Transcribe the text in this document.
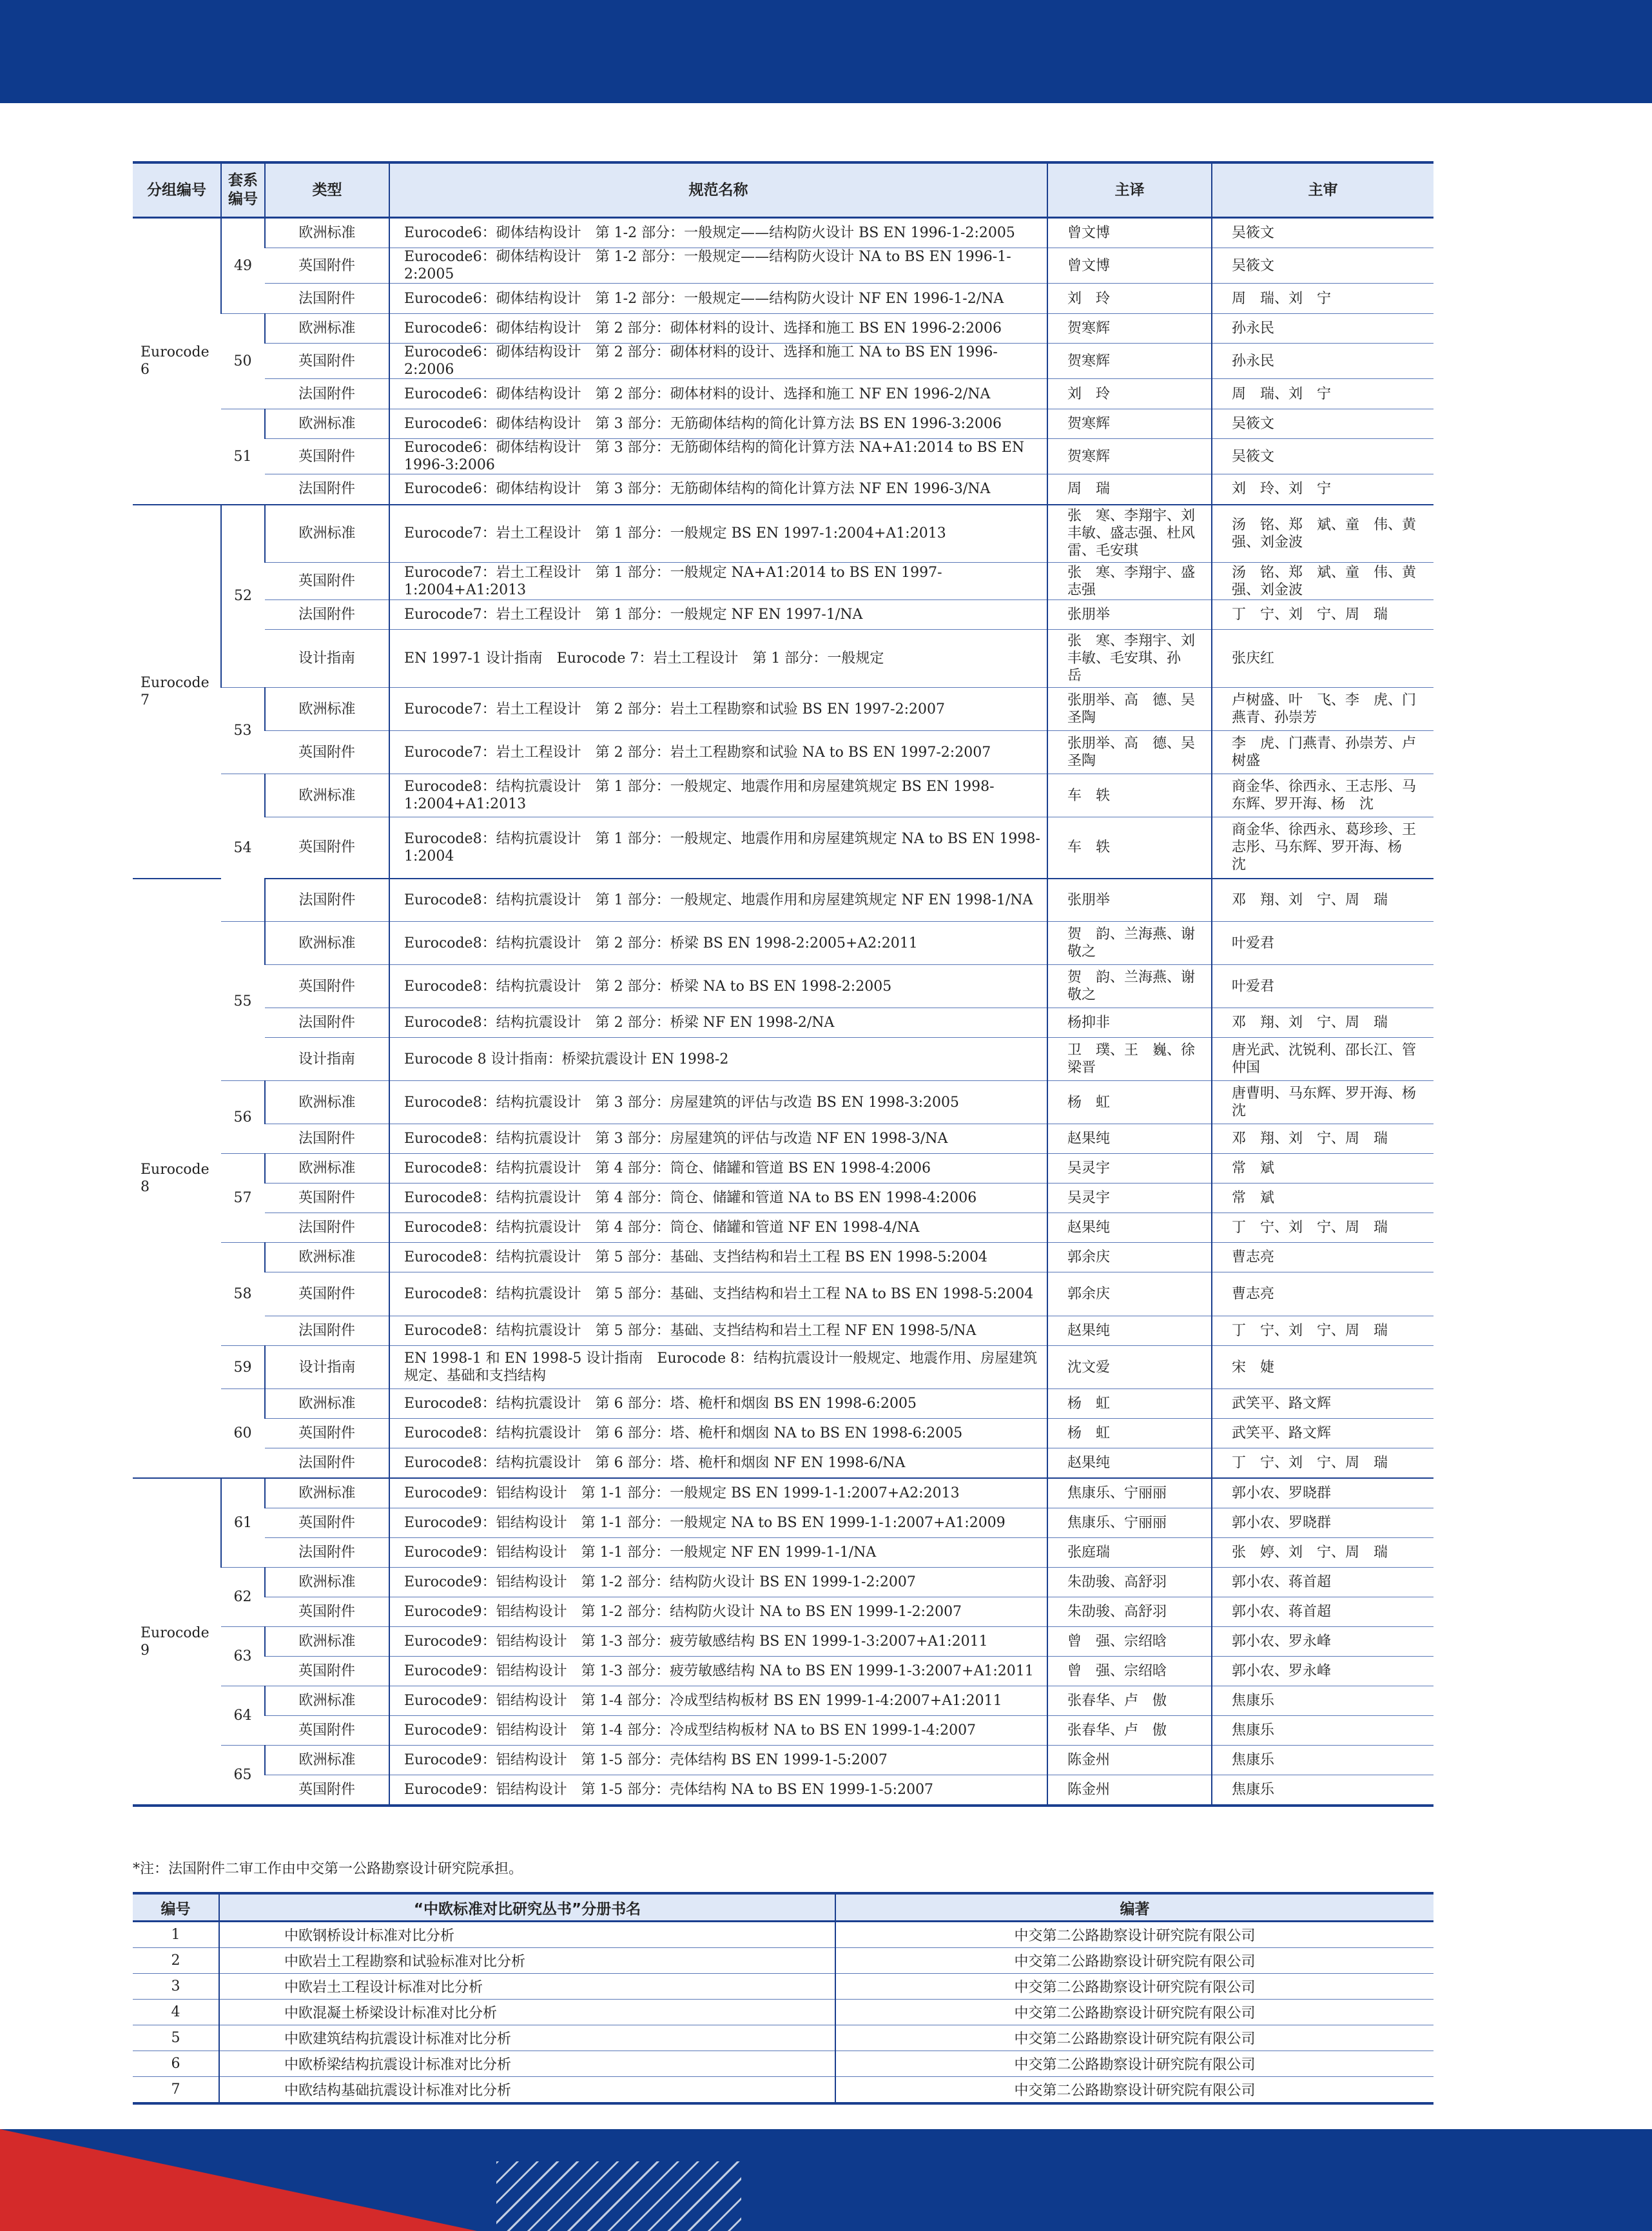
分组编号	套系编号	类型	规范名称	主译	主审
Eurocode 6	49	欧洲标准	Eurocode6：砌体结构设计　第 1-2 部分：一般规定——结构防火设计 BS EN 1996-1-2:2005	曾文博	吴筱文
		英国附件	Eurocode6：砌体结构设计　第 1-2 部分：一般规定——结构防火设计 NA to BS EN 1996-1-2:2005	曾文博	吴筱文
		法国附件	Eurocode6：砌体结构设计　第 1-2 部分：一般规定——结构防火设计 NF EN 1996-1-2/NA	刘　玲	周　瑞、刘　宁
	50	欧洲标准	Eurocode6：砌体结构设计　第 2 部分：砌体材料的设计、选择和施工 BS EN 1996-2:2006	贺寒辉	孙永民
		英国附件	Eurocode6：砌体结构设计　第 2 部分：砌体材料的设计、选择和施工 NA to BS EN 1996-2:2006	贺寒辉	孙永民
		法国附件	Eurocode6：砌体结构设计　第 2 部分：砌体材料的设计、选择和施工 NF EN 1996-2/NA	刘　玲	周　瑞、刘　宁
	51	欧洲标准	Eurocode6：砌体结构设计　第 3 部分：无筋砌体结构的简化计算方法 BS EN 1996-3:2006	贺寒辉	吴筱文
		英国附件	Eurocode6：砌体结构设计　第 3 部分：无筋砌体结构的简化计算方法 NA+A1:2014 to BS EN 1996-3:2006	贺寒辉	吴筱文
		法国附件	Eurocode6：砌体结构设计　第 3 部分：无筋砌体结构的简化计算方法 NF EN 1996-3/NA	周　瑞	刘　玲、刘　宁
Eurocode 7	52	欧洲标准	Eurocode7：岩土工程设计　第 1 部分：一般规定 BS EN 1997-1:2004+A1:2013	张　寒、李翔宇、刘丰敏、盛志强、杜风雷、毛安琪	汤　铭、郑　斌、童　伟、黄　强、刘金波
		英国附件	Eurocode7：岩土工程设计　第 1 部分：一般规定 NA+A1:2014 to BS EN 1997-1:2004+A1:2013	张　寒、李翔宇、盛志强	汤　铭、郑　斌、童　伟、黄　强、刘金波
		法国附件	Eurocode7：岩土工程设计　第 1 部分：一般规定 NF EN 1997-1/NA	张朋举	丁　宁、刘　宁、周　瑞
		设计指南	EN 1997-1 设计指南　Eurocode 7：岩土工程设计　第 1 部分：一般规定	张　寒、李翔宇、刘丰敏、毛安琪、孙　岳	张庆红
	53	欧洲标准	Eurocode7：岩土工程设计　第 2 部分：岩土工程勘察和试验 BS EN 1997-2:2007	张朋举、高　德、吴圣陶	卢树盛、叶　飞、李　虎、门燕青、孙崇芳
		英国附件	Eurocode7：岩土工程设计　第 2 部分：岩土工程勘察和试验 NA to BS EN 1997-2:2007	张朋举、高　德、吴圣陶	李　虎、门燕青、孙崇芳、卢树盛
	54	欧洲标准	Eurocode8：结构抗震设计　第 1 部分：一般规定、地震作用和房屋建筑规定 BS EN 1998-1:2004+A1:2013	车　轶	商金华、徐西永、王志彤、马东辉、罗开海、杨　沈
		英国附件	Eurocode8：结构抗震设计　第 1 部分：一般规定、地震作用和房屋建筑规定 NA to BS EN 1998-1:2004	车　轶	商金华、徐西永、葛珍珍、王志彤、马东辉、罗开海、杨　沈
Eurocode 8		法国附件	Eurocode8：结构抗震设计　第 1 部分：一般规定、地震作用和房屋建筑规定 NF EN 1998-1/NA	张朋举	邓　翔、刘　宁、周　瑞
	55	欧洲标准	Eurocode8：结构抗震设计　第 2 部分：桥梁 BS EN 1998-2:2005+A2:2011	贺　韵、兰海燕、谢敬之	叶爱君
		英国附件	Eurocode8：结构抗震设计　第 2 部分：桥梁 NA to BS EN 1998-2:2005	贺　韵、兰海燕、谢敬之	叶爱君
		法国附件	Eurocode8：结构抗震设计　第 2 部分：桥梁 NF EN 1998-2/NA	杨抑非	邓　翔、刘　宁、周　瑞
		设计指南	Eurocode 8 设计指南：桥梁抗震设计 EN 1998-2	卫　璞、王　巍、徐梁晋	唐光武、沈锐利、邵长江、管仲国
	56	欧洲标准	Eurocode8：结构抗震设计　第 3 部分：房屋建筑的评估与改造 BS EN 1998-3:2005	杨　虹	唐曹明、马东辉、罗开海、杨　沈
		法国附件	Eurocode8：结构抗震设计　第 3 部分：房屋建筑的评估与改造 NF EN 1998-3/NA	赵果纯	邓　翔、刘　宁、周　瑞
	57	欧洲标准	Eurocode8：结构抗震设计　第 4 部分：筒仓、储罐和管道 BS EN 1998-4:2006	吴灵宇	常　斌
		英国附件	Eurocode8：结构抗震设计　第 4 部分：筒仓、储罐和管道 NA to BS EN 1998-4:2006	吴灵宇	常　斌
		法国附件	Eurocode8：结构抗震设计　第 4 部分：筒仓、储罐和管道 NF EN 1998-4/NA	赵果纯	丁　宁、刘　宁、周　瑞
	58	欧洲标准	Eurocode8：结构抗震设计　第 5 部分：基础、支挡结构和岩土工程 BS EN 1998-5:2004	郭余庆	曹志亮
		英国附件	Eurocode8：结构抗震设计　第 5 部分：基础、支挡结构和岩土工程 NA to BS EN 1998-5:2004	郭余庆	曹志亮
		法国附件	Eurocode8：结构抗震设计　第 5 部分：基础、支挡结构和岩土工程 NF EN 1998-5/NA	赵果纯	丁　宁、刘　宁、周　瑞
	59	设计指南	EN 1998-1 和 EN 1998-5 设计指南　Eurocode 8：结构抗震设计一般规定、地震作用、房屋建筑规定、基础和支挡结构	沈文爱	宋　婕
	60	欧洲标准	Eurocode8：结构抗震设计　第 6 部分：塔、桅杆和烟囱 BS EN 1998-6:2005	杨　虹	武笑平、路文辉
		英国附件	Eurocode8：结构抗震设计　第 6 部分：塔、桅杆和烟囱 NA to BS EN 1998-6:2005	杨　虹	武笑平、路文辉
		法国附件	Eurocode8：结构抗震设计　第 6 部分：塔、桅杆和烟囱 NF EN 1998-6/NA	赵果纯	丁　宁、刘　宁、周　瑞
Eurocode 9	61	欧洲标准	Eurocode9：铝结构设计　第 1-1 部分：一般规定 BS EN 1999-1-1:2007+A2:2013	焦康乐、宁丽丽	郭小农、罗晓群
		英国附件	Eurocode9：铝结构设计　第 1-1 部分：一般规定 NA to BS EN 1999-1-1:2007+A1:2009	焦康乐、宁丽丽	郭小农、罗晓群
		法国附件	Eurocode9：铝结构设计　第 1-1 部分：一般规定 NF EN 1999-1-1/NA	张庭瑞	张　婷、刘　宁、周　瑞
	62	欧洲标准	Eurocode9：铝结构设计　第 1-2 部分：结构防火设计 BS EN 1999-1-2:2007	朱劭骏、高舒羽	郭小农、蒋首超
		英国附件	Eurocode9：铝结构设计　第 1-2 部分：结构防火设计 NA to BS EN 1999-1-2:2007	朱劭骏、高舒羽	郭小农、蒋首超
	63	欧洲标准	Eurocode9：铝结构设计　第 1-3 部分：疲劳敏感结构 BS EN 1999-1-3:2007+A1:2011	曾　强、宗绍晗	郭小农、罗永峰
		英国附件	Eurocode9：铝结构设计　第 1-3 部分：疲劳敏感结构 NA to BS EN 1999-1-3:2007+A1:2011	曾　强、宗绍晗	郭小农、罗永峰
	64	欧洲标准	Eurocode9：铝结构设计　第 1-4 部分：冷成型结构板材 BS EN 1999-1-4:2007+A1:2011	张春华、卢　傲	焦康乐
		英国附件	Eurocode9：铝结构设计　第 1-4 部分：冷成型结构板材 NA to BS EN 1999-1-4:2007	张春华、卢　傲	焦康乐
	65	欧洲标准	Eurocode9：铝结构设计　第 1-5 部分：壳体结构 BS EN 1999-1-5:2007	陈金州	焦康乐
		英国附件	Eurocode9：铝结构设计　第 1-5 部分：壳体结构 NA to BS EN 1999-1-5:2007	陈金州	焦康乐
*注：法国附件二审工作由中交第一公路勘察设计研究院承担。
编号	“中欧标准对比研究丛书”分册书名	编著
1	中欧钢桥设计标准对比分析	中交第二公路勘察设计研究院有限公司
2	中欧岩土工程勘察和试验标准对比分析	中交第二公路勘察设计研究院有限公司
3	中欧岩土工程设计标准对比分析	中交第二公路勘察设计研究院有限公司
4	中欧混凝土桥梁设计标准对比分析	中交第二公路勘察设计研究院有限公司
5	中欧建筑结构抗震设计标准对比分析	中交第二公路勘察设计研究院有限公司
6	中欧桥梁结构抗震设计标准对比分析	中交第二公路勘察设计研究院有限公司
7	中欧结构基础抗震设计标准对比分析	中交第二公路勘察设计研究院有限公司
